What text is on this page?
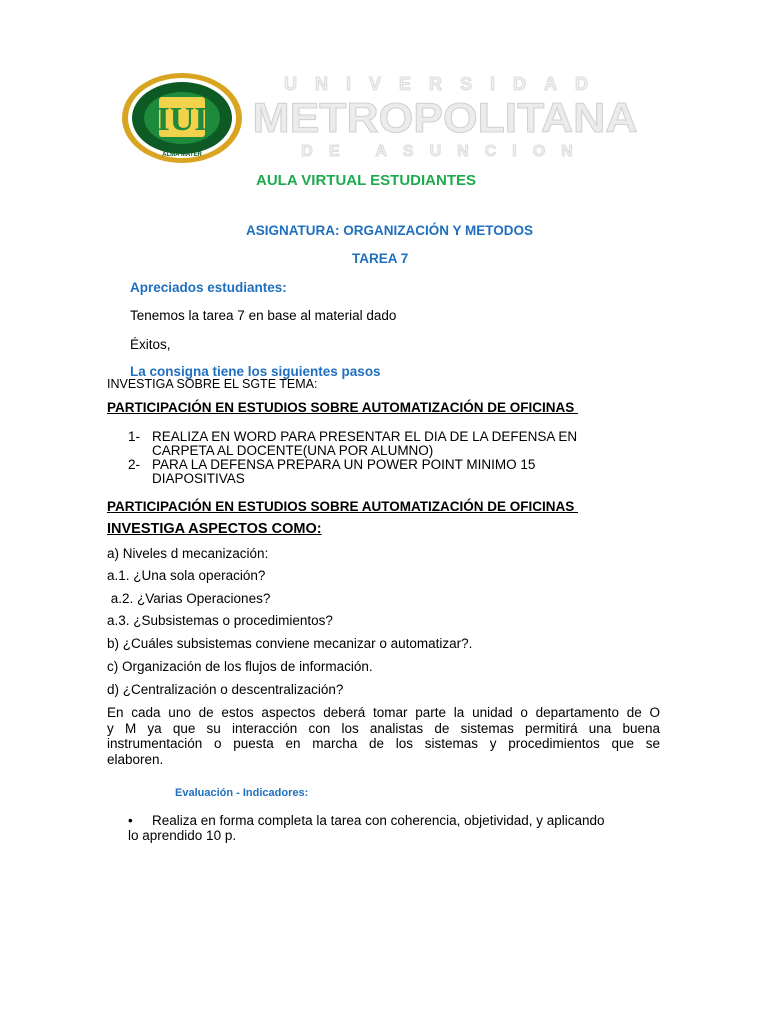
IUI
ALMA MATER
UNIVERSIDAD
METROPOLITANA
DE ASUNCION
AULA VIRTUAL ESTUDIANTES
ASIGNATURA: ORGANIZACIÓN Y METODOS
TAREA 7
Apreciados estudiantes:
Tenemos la tarea 7 en base al material dado
Éxitos,
La consigna tiene los siguientes pasos
INVESTIGA SOBRE EL SGTE TEMA:
PARTICIPACIÓN EN ESTUDIOS SOBRE AUTOMATIZACIÓN DE OFICINAS
1- REALIZA EN WORD PARA PRESENTAR EL DIA DE LA DEFENSA EN
CARPETA AL DOCENTE(UNA POR ALUMNO)
2- PARA LA DEFENSA PREPARA UN POWER POINT MINIMO 15
DIAPOSITIVAS
PARTICIPACIÓN EN ESTUDIOS SOBRE AUTOMATIZACIÓN DE OFICINAS
INVESTIGA ASPECTOS COMO:
a) Niveles d mecanización:
a.1. ¿Una sola operación?
a.2. ¿Varias Operaciones?
a.3. ¿Subsistemas o procedimientos?
b) ¿Cuáles subsistemas conviene mecanizar o automatizar?.
c) Organización de los flujos de información.
d) ¿Centralización o descentralización?
En cada uno de estos aspectos deberá tomar parte la unidad o departamento de O
y M ya que su interacción con los analistas de sistemas permitirá una buena
instrumentación o puesta en marcha de los sistemas y procedimientos que se
elaboren.
Evaluación - Indicadores:
• Realiza en forma completa la tarea con coherencia, objetividad, y aplicando
lo aprendido 10 p.
